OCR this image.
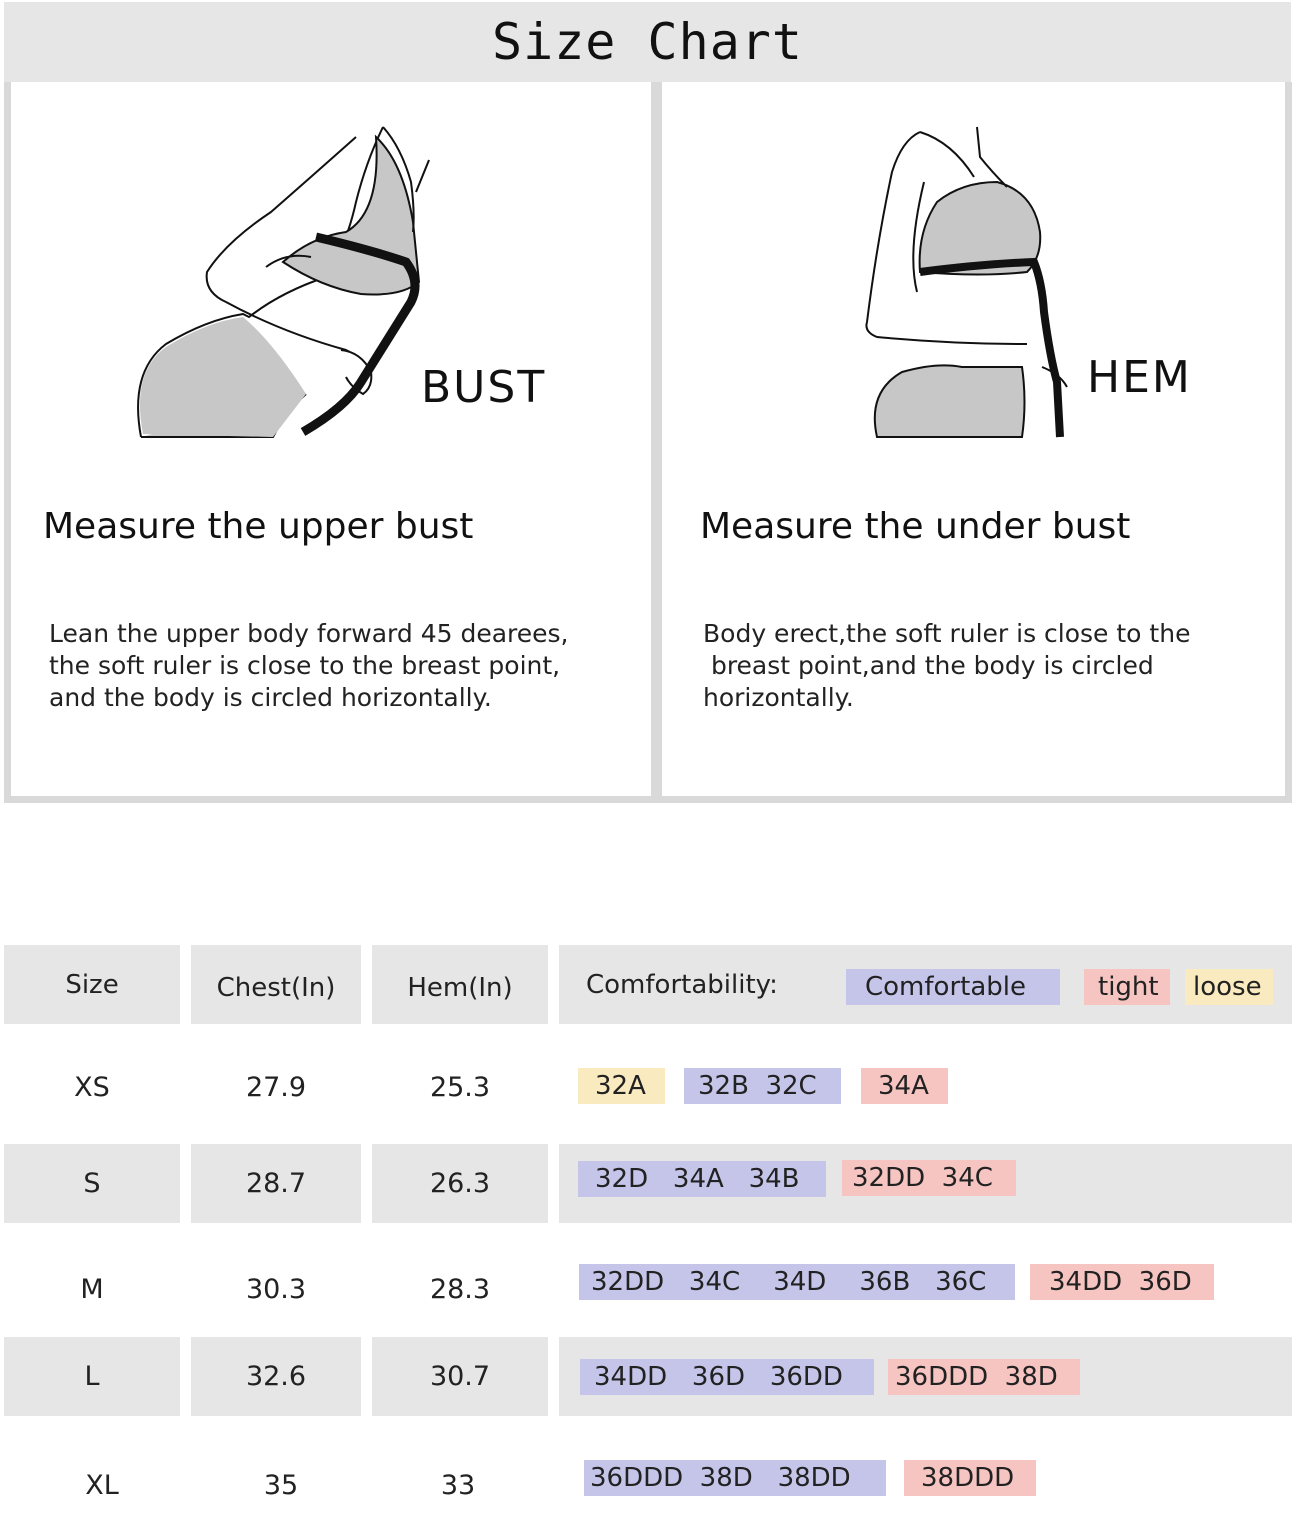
Size Chart
BUST
Measure the upper bust

Lean the upper body forward 45 dearees,
the soft ruler is close to the breast point,
and the body is circled horizontally.

HEM
Measure the under bust

Body erect,the soft ruler is close to the
breast point,and the body is circled
horizontally.

Size	Chest(In)	Hem(In)	Comfortability:	Comfortable	tight	loose
XS	27.9	25.3	32A	32B  32C	34A
S	28.7	26.3	32D   34A   34B	32DD  34C
M	30.3	28.3	32DD   34C    34D    36B   36C	34DD  36D
L	32.6	30.7	34DD   36D   36DD	36DDD  38D
XL	35	33	36DDD  38D   38DD	38DDD
